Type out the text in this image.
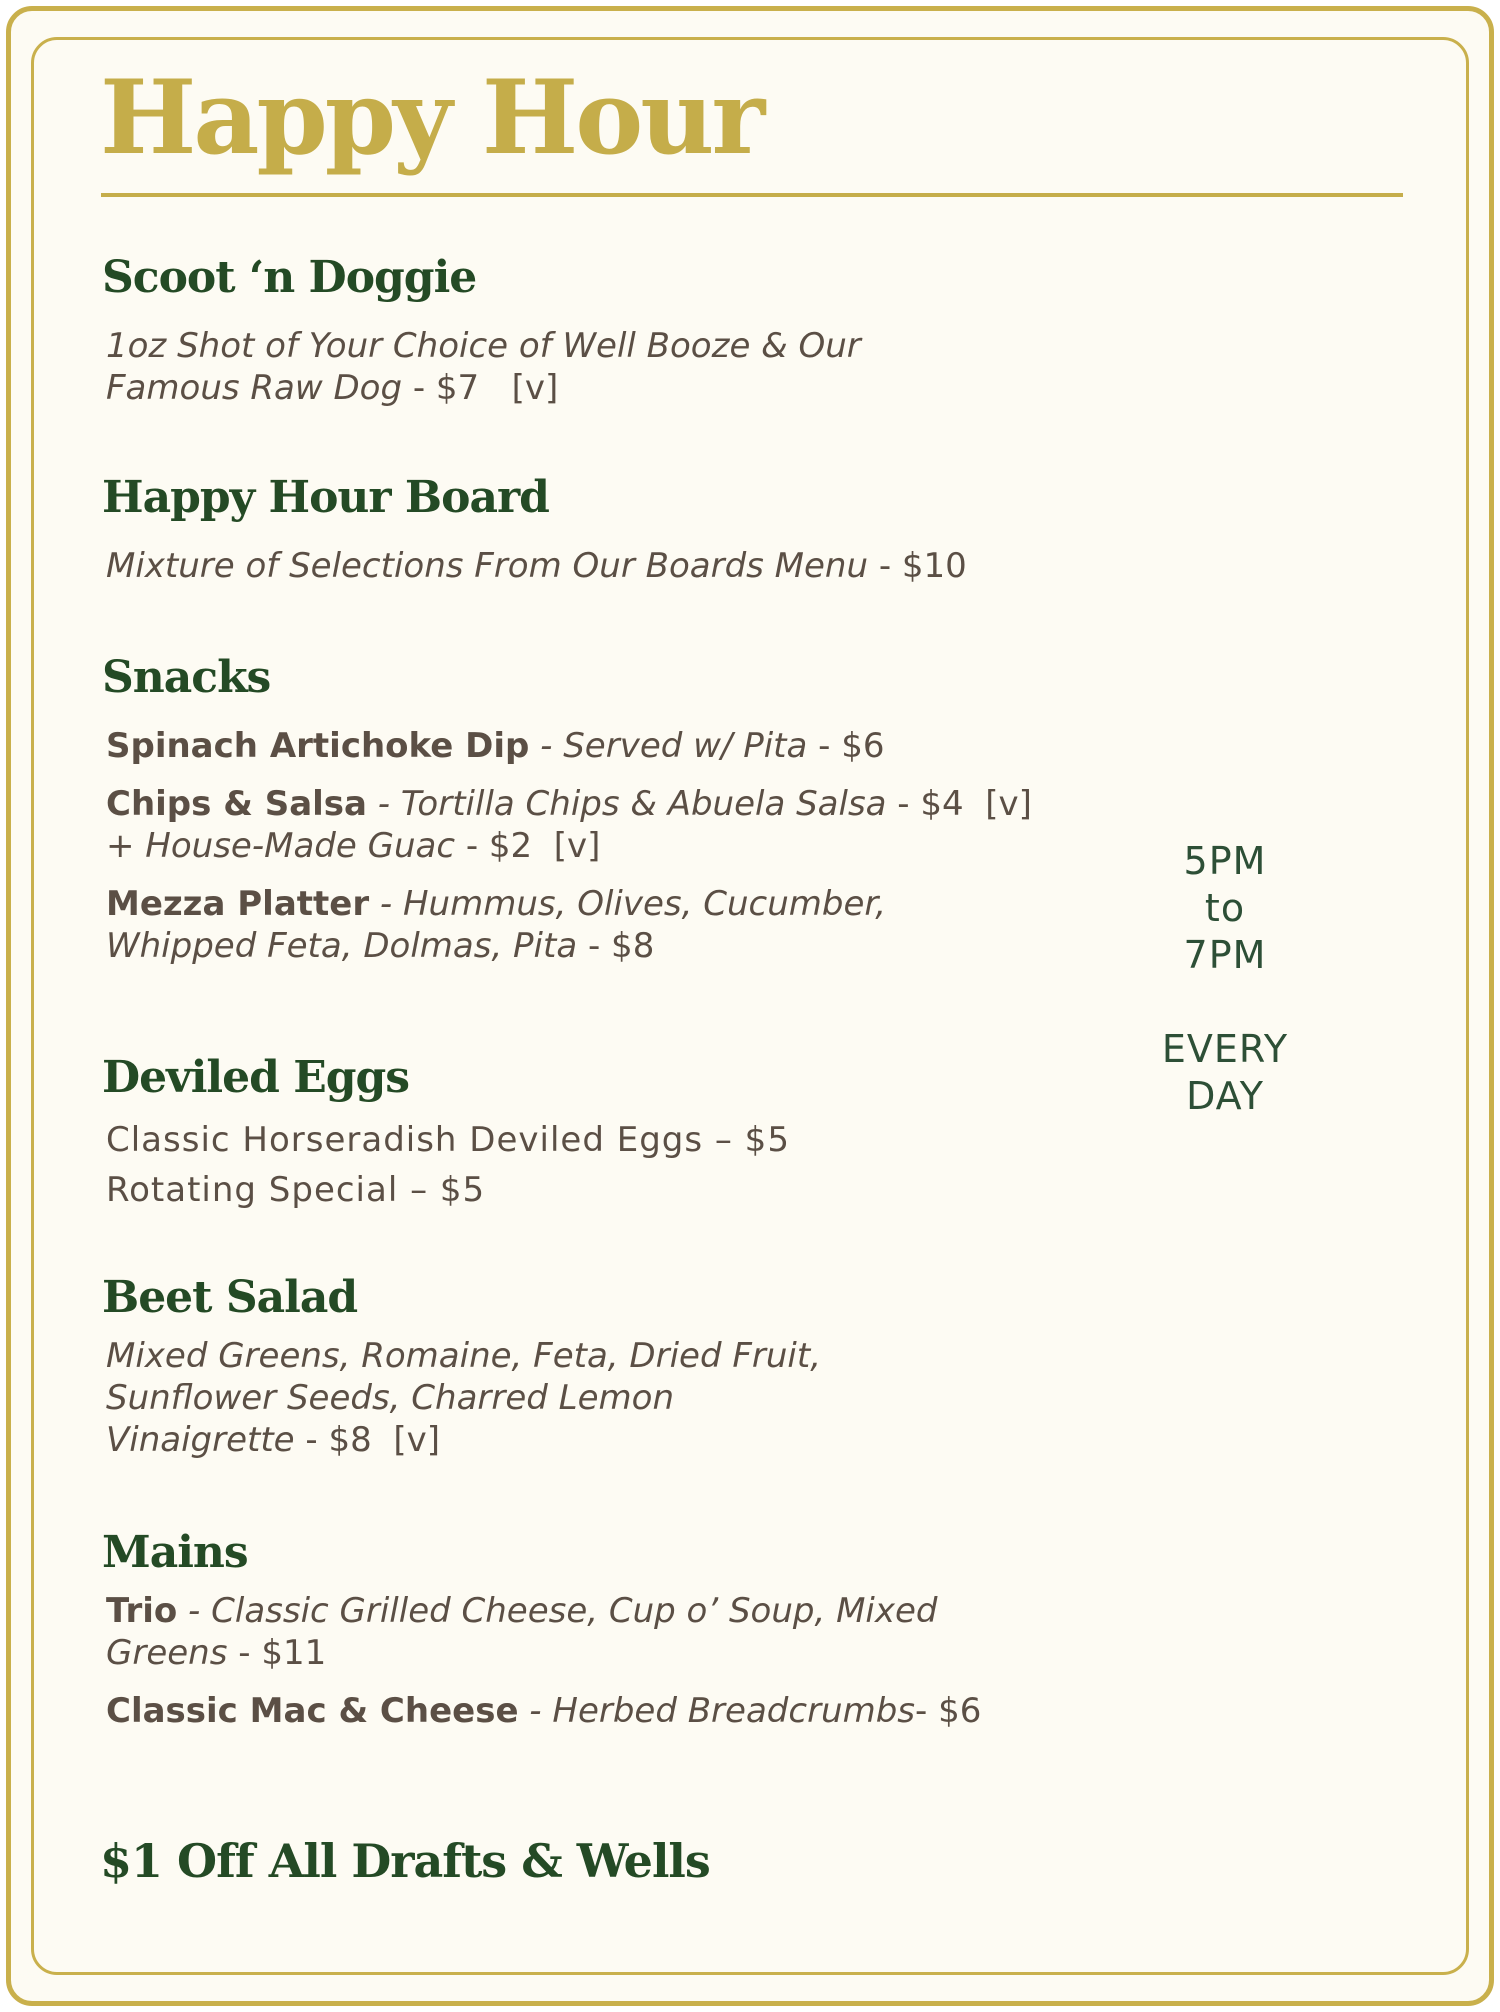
Happy Hour
Scoot ‘n Doggie
1oz Shot of Your Choice of Well Booze & Our
Famous Raw Dog - $7 [v]
Happy Hour Board
Mixture of Selections From Our Boards Menu - $10
Snacks
Spinach Artichoke Dip - Served w/ Pita - $6
Chips & Salsa - Tortilla Chips & Abuela Salsa - $4 [v]
+ House-Made Guac - $2 [v]
Mezza Platter - Hummus, Olives, Cucumber,
Whipped Feta, Dolmas, Pita - $8
Deviled Eggs
Classic Horseradish Deviled Eggs – $5
Rotating Special – $5
Beet Salad
Mixed Greens, Romaine, Feta, Dried Fruit,
Sunflower Seeds, Charred Lemon
Vinaigrette - $8 [v]
Mains
Trio - Classic Grilled Cheese, Cup o’ Soup, Mixed
Greens - $11
Classic Mac & Cheese - Herbed Breadcrumbs- $6
5PM
to
7PM
EVERY
DAY
$1 Off All Drafts & Wells
